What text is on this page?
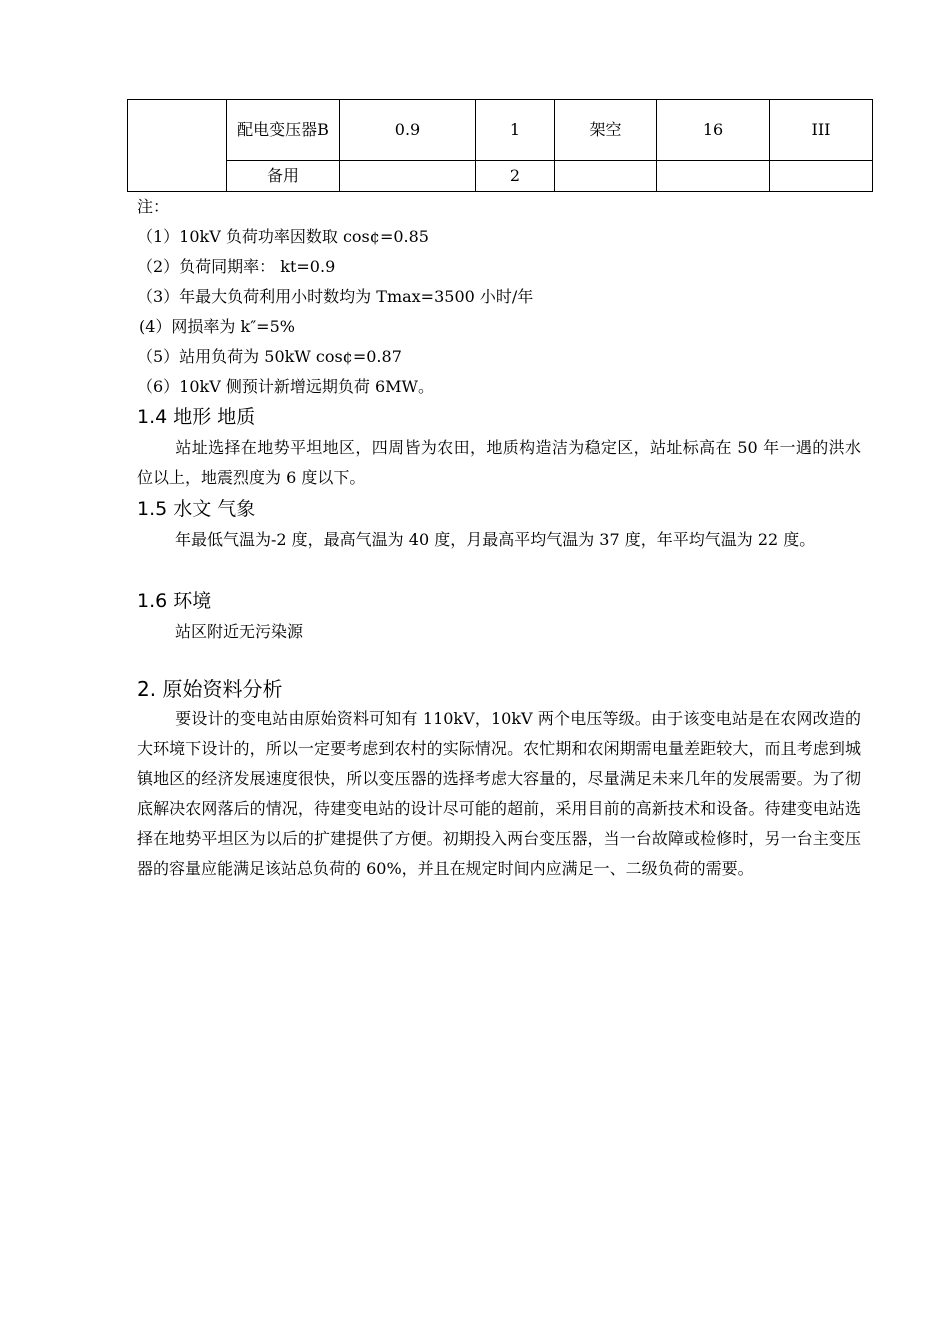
	配电变压器B	0.9	1	架空	16	III
	备用		2			
注：
（1）10kV 负荷功率因数取 cos¢=0.85
（2）负荷同期率： kt=0.9
（3）年最大负荷利用小时数均为 Tmax=3500 小时/年
(4）网损率为 k″=5%
（5）站用负荷为 50kW cos¢=0.87
（6）10kV 侧预计新增远期负荷 6MW。
1.4 地形 地质

站址选择在地势平坦地区，四周皆为农田，地质构造洁为稳定区，站址标高在 50 年一遇的洪水位以上，地震烈度为 6 度以下。

1.5 水文 气象

年最低气温为-2 度，最高气温为 40 度，月最高平均气温为 37 度，年平均气温为 22 度。

1.6 环境

站区附近无污染源

2. 原始资料分析

要设计的变电站由原始资料可知有 110kV，10kV 两个电压等级。由于该变电站是在农网改造的大环境下设计的，所以一定要考虑到农村的实际情况。农忙期和农闲期需电量差距较大，而且考虑到城镇地区的经济发展速度很快，所以变压器的选择考虑大容量的，尽量满足未来几年的发展需要。为了彻底解决农网落后的情况，待建变电站的设计尽可能的超前，采用目前的高新技术和设备。待建变电站选择在地势平坦区为以后的扩建提供了方便。初期投入两台变压器，当一台故障或检修时，另一台主变压器的容量应能满足该站总负荷的 60%，并且在规定时间内应满足一、二级负荷的需要。
